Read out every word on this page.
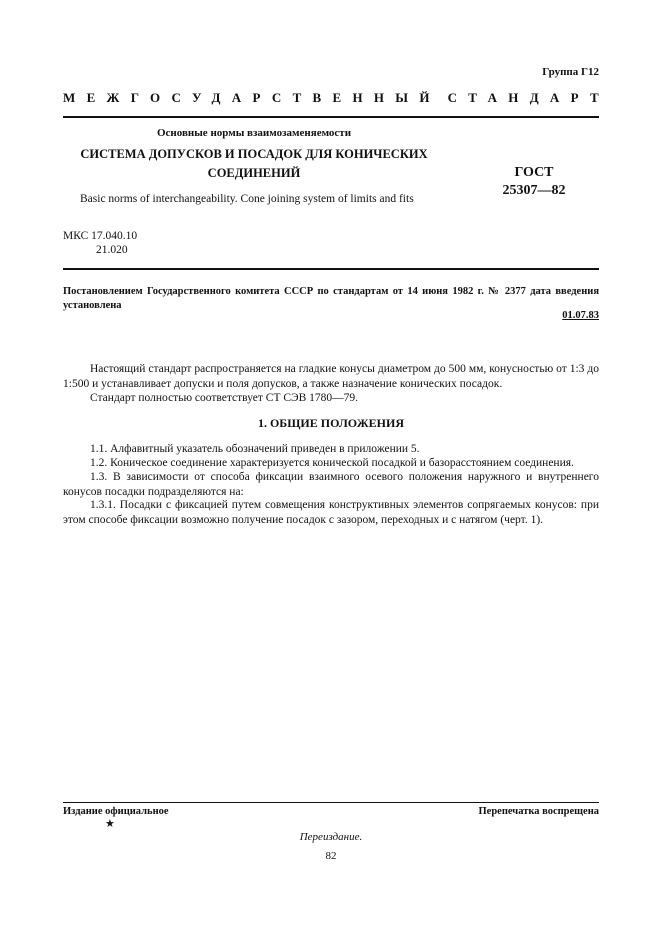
Группа Г12
МЕЖГОСУДАРСТВЕННЫЙ СТАНДАРТ
Основные нормы взаимозаменяемости
СИСТЕМА ДОПУСКОВ И ПОСАДОК ДЛЯ КОНИЧЕСКИХ
СОЕДИНЕНИЙ	ГОСТ
25307—82
Basic norms of interchangeability. Cone joining system of limits and fits
МКС 17.040.10
21.020
Постановлением Государственного комитета СССР по стандартам от 14 июня 1982 г. № 2377 дата введения установлена
01.07.83
Настоящий стандарт распространяется на гладкие конусы диаметром до 500 мм, конусностью от 1:3 до 1:500 и устанавливает допуски и поля допусков, а также назначение конических посадок.
Стандарт полностью соответствует СТ СЭВ 1780—79.
1. ОБЩИЕ ПОЛОЖЕНИЯ
1.1. Алфавитный указатель обозначений приведен в приложении 5.
1.2. Коническое соединение характеризуется конической посадкой и базорасстоянием соединения.
1.3. В зависимости от способа фиксации взаимного осевого положения наружного и внутреннего конусов посадки подразделяются на:
1.3.1. Посадки с фиксацией путем совмещения конструктивных элементов сопрягаемых конусов: при этом способе фиксации возможно получение посадок с зазором, переходных и с натягом (черт. 1).
Издание официальное	Перепечатка воспрещена
★
Переиздание.
82
